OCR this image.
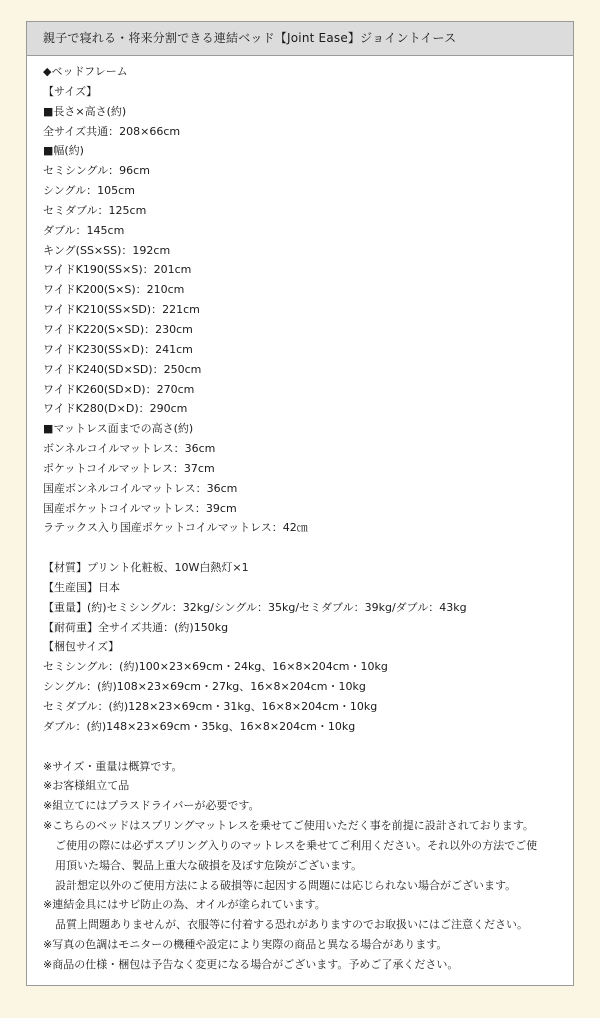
親子で寝れる・将来分割できる連結ベッド【Joint Ease】ジョイントイース
◆ベッドフレーム
【サイズ】
■長さ×高さ(約)
全サイズ共通：208×66cm
■幅(約)
セミシングル：96cm
シングル：105cm
セミダブル：125cm
ダブル：145cm
キング(SS×SS)：192cm
ワイドK190(SS×S)：201cm
ワイドK200(S×S)：210cm
ワイドK210(SS×SD)：221cm
ワイドK220(S×SD)：230cm
ワイドK230(SS×D)：241cm
ワイドK240(SD×SD)：250cm
ワイドK260(SD×D)：270cm
ワイドK280(D×D)：290cm
■マットレス面までの高さ(約)
ボンネルコイルマットレス：36cm
ポケットコイルマットレス：37cm
国産ボンネルコイルマットレス：36cm
国産ポケットコイルマットレス：39cm
ラテックス入り国産ポケットコイルマットレス：42㎝
【材質】プリント化粧板、10W白熱灯×1
【生産国】日本
【重量】(約)セミシングル：32kg/シングル：35kg/セミダブル：39kg/ダブル：43kg
【耐荷重】全サイズ共通：(約)150kg
【梱包サイズ】
セミシングル：(約)100×23×69cm・24kg、16×8×204cm・10kg
シングル：(約)108×23×69cm・27kg、16×8×204cm・10kg
セミダブル：(約)128×23×69cm・31kg、16×8×204cm・10kg
ダブル：(約)148×23×69cm・35kg、16×8×204cm・10kg
※サイズ・重量は概算です。
※お客様組立て品
※組立てにはプラスドライバーが必要です。
※こちらのベッドはスプリングマットレスを乗せてご使用いただく事を前提に設計されております。
ご使用の際には必ずスプリング入りのマットレスを乗せてご利用ください。それ以外の方法でご使
用頂いた場合、製品上重大な破損を及ぼす危険がございます。
設計想定以外のご使用方法による破損等に起因する問題には応じられない場合がございます。
※連結金具にはサビ防止の為、オイルが塗られています。
品質上問題ありませんが、衣服等に付着する恐れがありますのでお取扱いにはご注意ください。
※写真の色調はモニターの機種や設定により実際の商品と異なる場合があります。
※商品の仕様・梱包は予告なく変更になる場合がございます。予めご了承ください。
